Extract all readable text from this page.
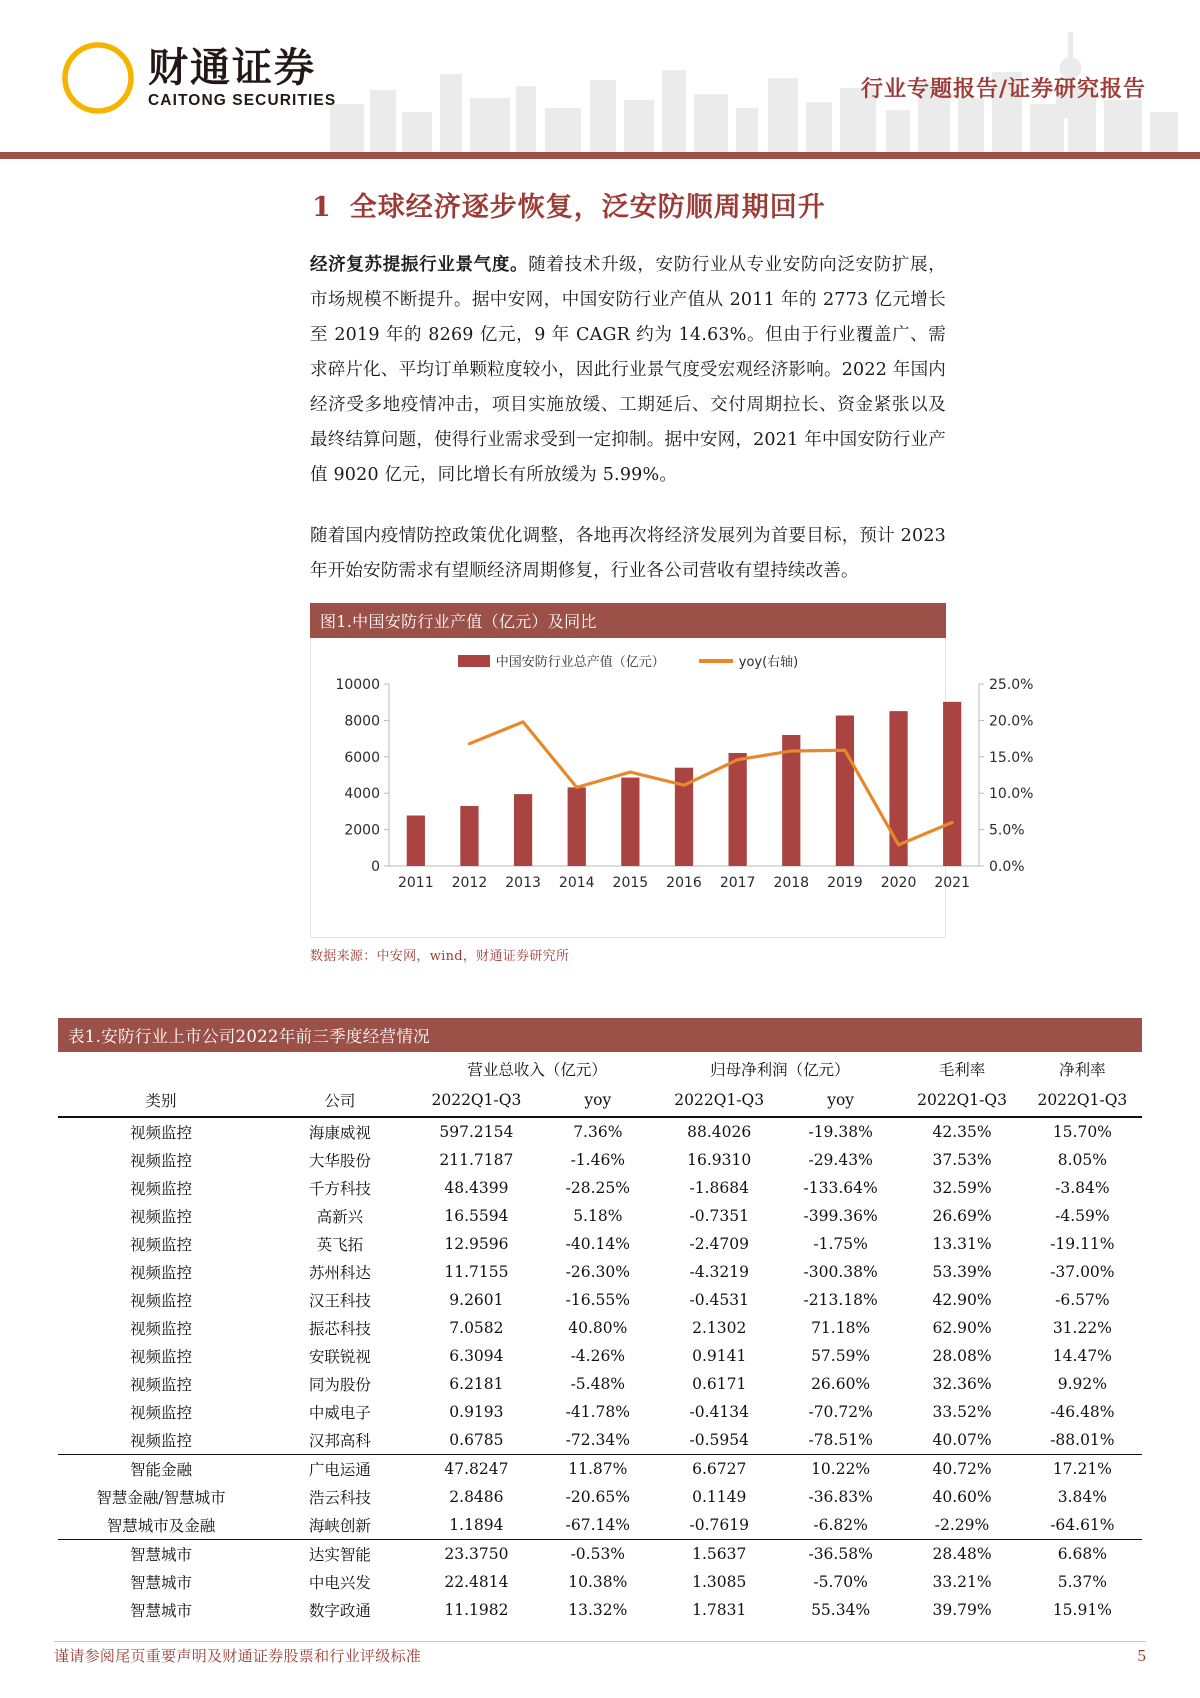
财通证券
CAITONG SECURITIES	行业专题报告/证券研究报告
1 全球经济逐步恢复，泛安防顺周期回升

经济复苏提振行业景气度。随着技术升级，安防行业从专业安防向泛安防扩展，市场规模不断提升。据中安网，中国安防行业产值从 2011 年的 2773 亿元增长至 2019 年的 8269 亿元，9 年 CAGR 约为 14.63%。但由于行业覆盖广、需求碎片化、平均订单颗粒度较小，因此行业景气度受宏观经济影响。2022 年国内经济受多地疫情冲击，项目实施放缓、工期延后、交付周期拉长、资金紧张以及最终结算问题，使得行业需求受到一定抑制。据中安网，2021 年中国安防行业产值 9020 亿元，同比增长有所放缓为 5.99%。

随着国内疫情防控政策优化调整，各地再次将经济发展列为首要目标，预计 2023 年开始安防需求有望顺经济周期修复，行业各公司营收有望持续改善。

图1.中国安防行业产值（亿元）及同比
中国安防行业总产值（亿元）	yoy(右轴)
0
2000
4000
6000
8000
10000
0.0%
5.0%
10.0%
15.0%
20.0%
25.0%
2011 2012 2013 2014 2015 2016 2017 2018 2019 2020 2021
数据来源：中安网，wind，财通证券研究所
表1.安防行业上市公司2022年前三季度经营情况
		营业总收入（亿元）		归母净利润（亿元）		毛利率	净利率
类别	公司	2022Q1-Q3	yoy	2022Q1-Q3	yoy	2022Q1-Q3	2022Q1-Q3
视频监控	海康威视	597.2154	7.36%	88.4026	-19.38%	42.35%	15.70%
视频监控	大华股份	211.7187	-1.46%	16.9310	-29.43%	37.53%	8.05%
视频监控	千方科技	48.4399	-28.25%	-1.8684	-133.64%	32.59%	-3.84%
视频监控	高新兴	16.5594	5.18%	-0.7351	-399.36%	26.69%	-4.59%
视频监控	英飞拓	12.9596	-40.14%	-2.4709	-1.75%	13.31%	-19.11%
视频监控	苏州科达	11.7155	-26.30%	-4.3219	-300.38%	53.39%	-37.00%
视频监控	汉王科技	9.2601	-16.55%	-0.4531	-213.18%	42.90%	-6.57%
视频监控	振芯科技	7.0582	40.80%	2.1302	71.18%	62.90%	31.22%
视频监控	安联锐视	6.3094	-4.26%	0.9141	57.59%	28.08%	14.47%
视频监控	同为股份	6.2181	-5.48%	0.6171	26.60%	32.36%	9.92%
视频监控	中威电子	0.9193	-41.78%	-0.4134	-70.72%	33.52%	-46.48%
视频监控	汉邦高科	0.6785	-72.34%	-0.5954	-78.51%	40.07%	-88.01%
智能金融	广电运通	47.8247	11.87%	6.6727	10.22%	40.72%	17.21%
智慧金融/智慧城市	浩云科技	2.8486	-20.65%	0.1149	-36.83%	40.60%	3.84%
智慧城市及金融	海峡创新	1.1894	-67.14%	-0.7619	-6.82%	-2.29%	-64.61%
智慧城市	达实智能	23.3750	-0.53%	1.5637	-36.58%	28.48%	6.68%
智慧城市	中电兴发	22.4814	10.38%	1.3085	-5.70%	33.21%	5.37%
智慧城市	数字政通	11.1982	13.32%	1.7831	55.34%	39.79%	15.91%
谨请参阅尾页重要声明及财通证券股票和行业评级标准	5
